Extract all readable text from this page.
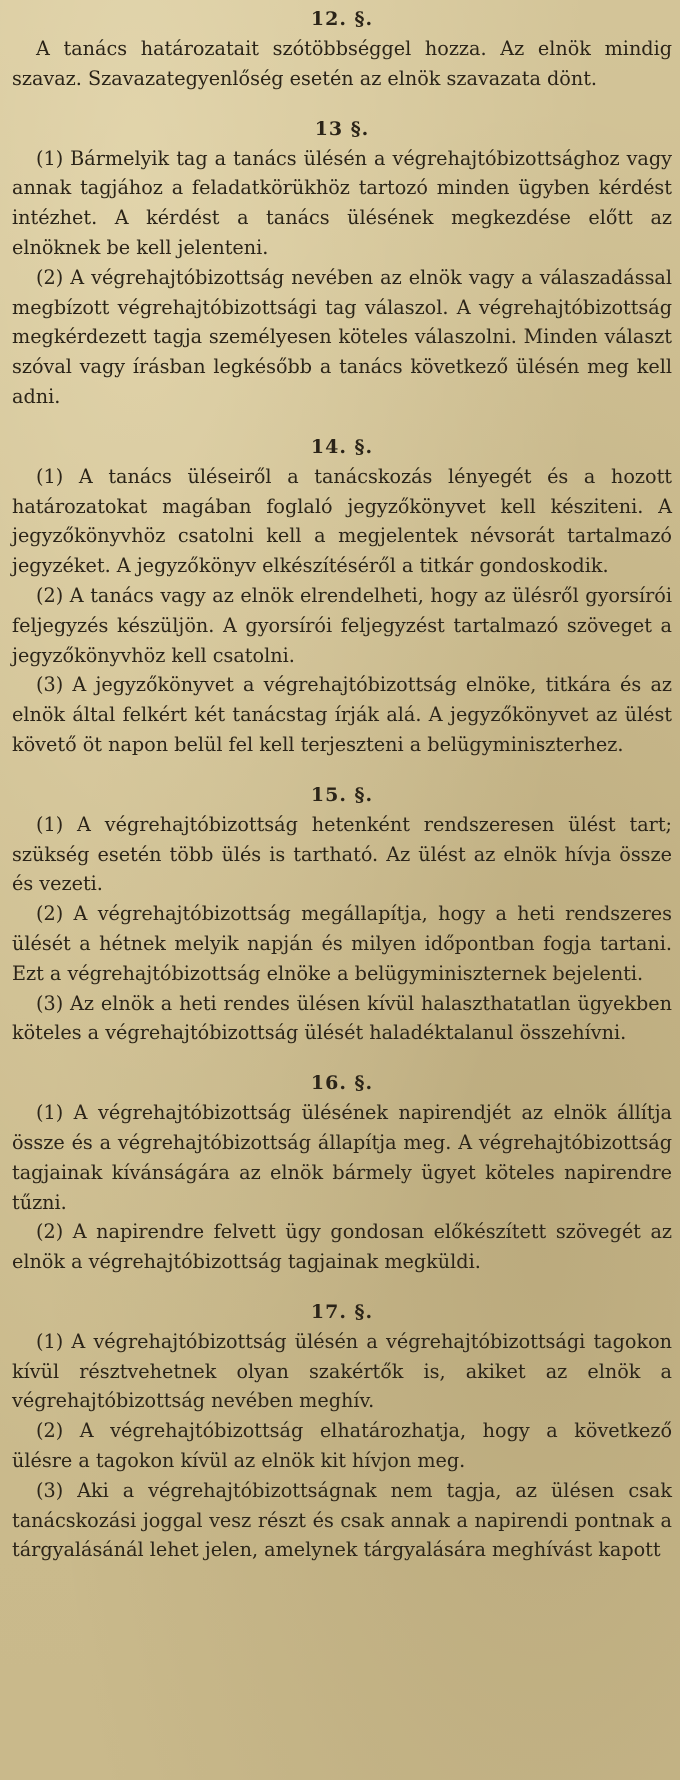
12. §.

A tanács határozatait szótöbbséggel hozza. Az elnök mindig szavaz. Szavazategyenlőség esetén az elnök szavazata dönt.

13 §.

(1) Bármelyik tag a tanács ülésén a végrehajtóbizottsághoz vagy annak tagjához a feladatkörükhöz tartozó minden ügyben kérdést intézhet. A kérdést a tanács ülésének megkezdése előtt az elnöknek be kell jelenteni.

(2) A végrehajtóbizottság nevében az elnök vagy a válaszadással megbízott végrehajtóbizottsági tag válaszol. A végrehajtóbizottság megkérdezett tagja személyesen köteles válaszolni. Minden választ szóval vagy írásban legkésőbb a tanács következő ülésén meg kell adni.

14. §.

(1) A tanács üléseiről a tanácskozás lényegét és a hozott határozatokat magában foglaló jegyzőkönyvet kell késziteni. A jegyzőkönyvhöz csatolni kell a megjelentek névsorát tartalmazó jegyzéket. A jegyzőkönyv elkészítéséről a titkár gondoskodik.

(2) A tanács vagy az elnök elrendelheti, hogy az ülésről gyorsírói feljegyzés készüljön. A gyorsírói feljegyzést tartalmazó szöveget a jegyzőkönyvhöz kell csatolni.

(3) A jegyzőkönyvet a végrehajtóbizottság elnöke, titkára és az elnök által felkért két tanácstag írják alá. A jegyzőkönyvet az ülést követő öt napon belül fel kell terjeszteni a belügyminiszterhez.

15. §.

(1) A végrehajtóbizottság hetenként rendszeresen ülést tart; szükség esetén több ülés is tartható. Az ülést az elnök hívja össze és vezeti.

(2) A végrehajtóbizottság megállapítja, hogy a heti rendszeres ülését a hétnek melyik napján és milyen időpontban fogja tartani. Ezt a végrehajtóbizottság elnöke a belügyminiszternek bejelenti.

(3) Az elnök a heti rendes ülésen kívül halaszthatatlan ügyekben köteles a végrehajtóbizottság ülését haladéktalanul összehívni.

16. §.

(1) A végrehajtóbizottság ülésének napirendjét az elnök állítja össze és a végrehajtóbizottság állapítja meg. A végrehajtóbizottság tagjainak kívánságára az elnök bármely ügyet köteles napirendre tűzni.

(2) A napirendre felvett ügy gondosan előkészített szövegét az elnök a végrehajtóbizottság tagjainak megküldi.

17. §.

(1) A végrehajtóbizottság ülésén a végrehajtóbizottsági tagokon kívül résztvehetnek olyan szakértők is, akiket az elnök a végrehajtóbizottság nevében meghív.

(2) A végrehajtóbizottság elhatározhatja, hogy a következő ülésre a tagokon kívül az elnök kit hívjon meg.

(3) Aki a végrehajtóbizottságnak nem tagja, az ülésen csak tanácskozási joggal vesz részt és csak annak a napirendi pontnak a tárgyalásánál lehet jelen, amelynek tárgyalására meghívást kapott
